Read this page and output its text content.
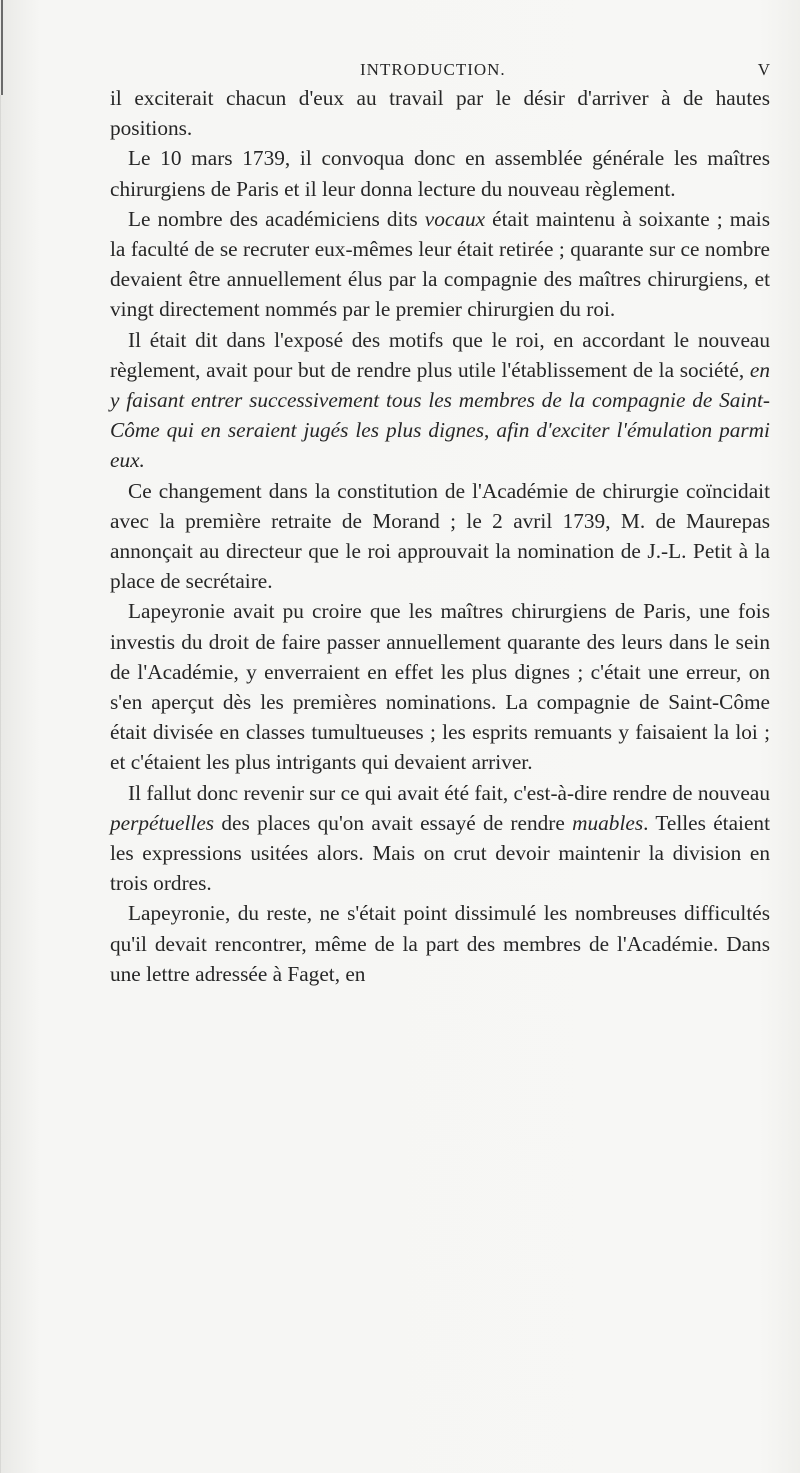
INTRODUCTION.	V

il exciterait chacun d'eux au travail par le désir d'arriver à de hautes positions.

Le 10 mars 1739, il convoqua donc en assemblée générale les maîtres chirurgiens de Paris et il leur donna lecture du nouveau règlement.

Le nombre des académiciens dits vocaux était maintenu à soixante ; mais la faculté de se recruter eux-mêmes leur était retirée ; quarante sur ce nombre devaient être annuellement élus par la compagnie des maîtres chirurgiens, et vingt directement nommés par le premier chirurgien du roi.

Il était dit dans l'exposé des motifs que le roi, en accordant le nouveau règlement, avait pour but de rendre plus utile l'établissement de la société, en y faisant entrer successivement tous les membres de la compagnie de Saint-Côme qui en seraient jugés les plus dignes, afin d'exciter l'émulation parmi eux.

Ce changement dans la constitution de l'Académie de chirurgie coïncidait avec la première retraite de Morand ; le 2 avril 1739, M. de Maurepas annonçait au directeur que le roi approuvait la nomination de J.-L. Petit à la place de secrétaire.

Lapeyronie avait pu croire que les maîtres chirurgiens de Paris, une fois investis du droit de faire passer annuellement quarante des leurs dans le sein de l'Académie, y enverraient en effet les plus dignes ; c'était une erreur, on s'en aperçut dès les premières nominations. La compagnie de Saint-Côme était divisée en classes tumultueuses ; les esprits remuants y faisaient la loi ; et c'étaient les plus intrigants qui devaient arriver.

Il fallut donc revenir sur ce qui avait été fait, c'est-à-dire rendre de nouveau perpétuelles des places qu'on avait essayé de rendre muables. Telles étaient les expressions usitées alors. Mais on crut devoir maintenir la division en trois ordres.

Lapeyronie, du reste, ne s'était point dissimulé les nombreuses difficultés qu'il devait rencontrer, même de la part des membres de l'Académie. Dans une lettre adressée à Faget, en
